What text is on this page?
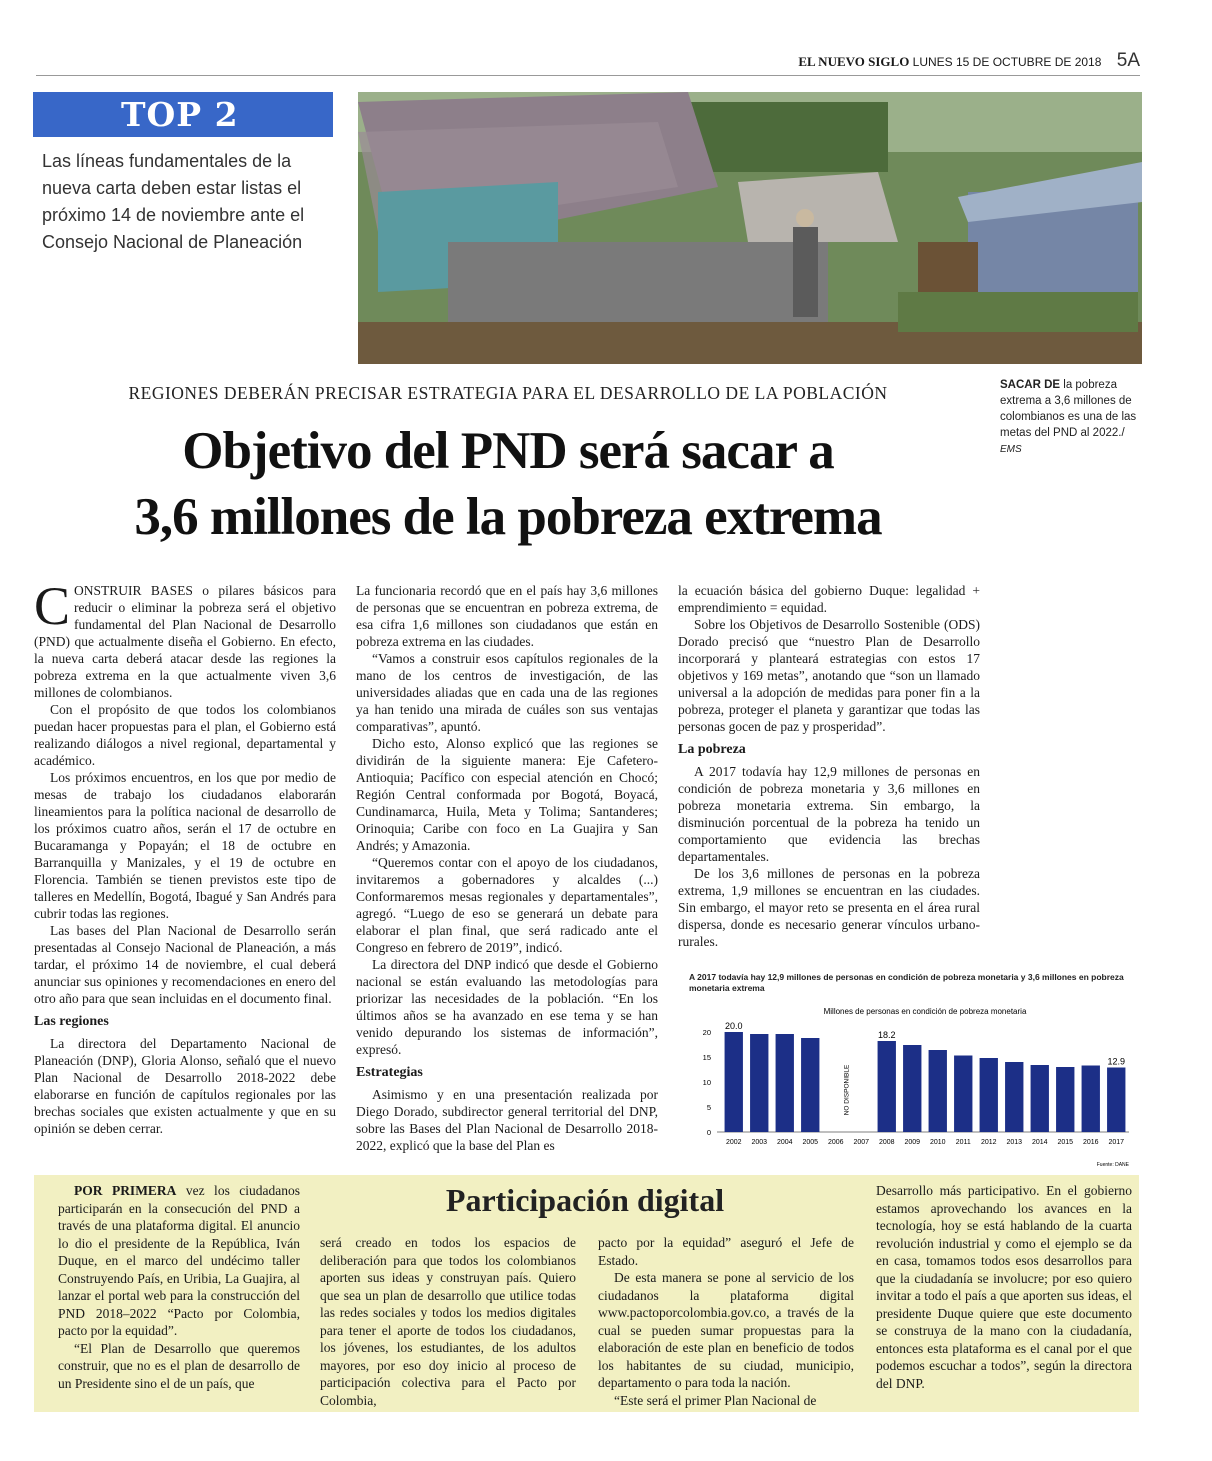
EL NUEVO SIGLO LUNES 15 DE OCTUBRE DE 2018 5A
TOP 2
Las líneas fundamentales de la nueva carta deben estar listas el próximo 14 de noviembre ante el Consejo Nacional de Planeación
SACAR DE la pobreza extrema a 3,6 millones de colombianos es una de las metas del PND al 2022./
EMS
REGIONES DEBERÁN PRECISAR ESTRATEGIA PARA EL DESARROLLO DE LA POBLACIÓN
Objetivo del PND será sacar a
3,6 millones de la pobreza extrema

CONSTRUIR BASES o pilares básicos para reducir o eliminar la pobreza será el objetivo fundamental del Plan Nacional de Desarrollo (PND) que actualmente diseña el Gobierno. En efecto, la nueva carta deberá atacar desde las regiones la pobreza extrema en la que actualmente viven 3,6 millones de colombianos.

Con el propósito de que todos los colombianos puedan hacer propuestas para el plan, el Gobierno está realizando diálogos a nivel regional, departamental y académico.

Los próximos encuentros, en los que por medio de mesas de trabajo los ciudadanos elaborarán lineamientos para la política nacional de desarrollo de los próximos cuatro años, serán el 17 de octubre en Bucaramanga y Popayán; el 18 de octubre en Barranquilla y Manizales, y el 19 de octubre en Florencia. También se tienen previstos este tipo de talleres en Medellín, Bogotá, Ibagué y San Andrés para cubrir todas las regiones.

Las bases del Plan Nacional de Desarrollo serán presentadas al Consejo Nacional de Planeación, a más tardar, el próximo 14 de noviembre, el cual deberá anunciar sus opiniones y recomendaciones en enero del otro año para que sean incluidas en el documento final.

Las regiones

La directora del Departamento Nacional de Planeación (DNP), Gloria Alonso, señaló que el nuevo Plan Nacional de Desarrollo 2018-2022 debe elaborarse en función de capítulos regionales por las brechas sociales que existen actualmente y que en su opinión se deben cerrar.

La funcionaria recordó que en el país hay 3,6 millones de personas que se encuentran en pobreza extrema, de esa cifra 1,6 millones son ciudadanos que están en pobreza extrema en las ciudades.

“Vamos a construir esos capítulos regionales de la mano de los centros de investigación, de las universidades aliadas que en cada una de las regiones ya han tenido una mirada de cuáles son sus ventajas comparativas”, apuntó.

Dicho esto, Alonso explicó que las regiones se dividirán de la siguiente manera: Eje Cafetero-Antioquia; Pacífico con especial atención en Chocó; Región Central conformada por Bogotá, Boyacá, Cundinamarca, Huila, Meta y Tolima; Santanderes; Orinoquia; Caribe con foco en La Guajira y San Andrés; y Amazonia.

“Queremos contar con el apoyo de los ciudadanos, invitaremos a gobernadores y alcaldes (...) Conformaremos mesas regionales y departamentales”, agregó. “Luego de eso se generará un debate para elaborar el plan final, que será radicado ante el Congreso en febrero de 2019”, indicó.

La directora del DNP indicó que desde el Gobierno nacional se están evaluando las metodologías para priorizar las necesidades de la población. “En los últimos años se ha avanzado en ese tema y se han venido depurando los sistemas de información”, expresó.

Estrategias

Asimismo y en una presentación realizada por Diego Dorado, subdirector general territorial del DNP, sobre las Bases del Plan Nacional de Desarrollo 2018-2022, explicó que la base del Plan es

la ecuación básica del gobierno Duque: legalidad + emprendimiento = equidad.

Sobre los Objetivos de Desarrollo Sostenible (ODS) Dorado precisó que “nuestro Plan de Desarrollo incorporará y planteará estrategias con estos 17 objetivos y 169 metas”, anotando que “son un llamado universal a la adopción de medidas para poner fin a la pobreza, proteger el planeta y garantizar que todas las personas gocen de paz y prosperidad”.

La pobreza

A 2017 todavía hay 12,9 millones de personas en condición de pobreza monetaria y 3,6 millones en pobreza monetaria extrema. Sin embargo, la disminución porcentual de la pobreza ha tenido un comportamiento que evidencia las brechas departamentales.

De los 3,6 millones de personas en la pobreza extrema, 1,9 millones se encuentran en las ciudades. Sin embargo, el mayor reto se presenta en el área rural dispersa, donde es necesario generar vínculos urbano-rurales.

A 2017 todavía hay 12,9 millones de personas en condición de pobreza monetaria y 3,6 millones en pobreza monetaria extrema
Millones de personas en condición de pobreza monetaria
0
5
10
15
20
20.0
2002 2003 2004 2005 2006 2007
18.2
2008 2009 2010 2011 2012 2013 2014 2015 2016
12.9
2017
NO DISPONIBLE
Fuente: DANE
Participación digital

POR PRIMERA vez los ciudadanos participarán en la consecución del PND a través de una plataforma digital. El anuncio lo dio el presidente de la República, Iván Duque, en el marco del undécimo taller Construyendo País, en Uribia, La Guajira, al lanzar el portal web para la construcción del PND 2018–2022 “Pacto por Colombia, pacto por la equidad”.

“El Plan de Desarrollo que queremos construir, que no es el plan de desarrollo de un Presidente sino el de un país, que

será creado en todos los espacios de deliberación para que todos los colombianos aporten sus ideas y construyan país. Quiero que sea un plan de desarrollo que utilice todas las redes sociales y todos los medios digitales para tener el aporte de todos los ciudadanos, los jóvenes, los estudiantes, de los adultos mayores, por eso doy inicio al proceso de participación colectiva para el Pacto por Colombia,

pacto por la equidad” aseguró el Jefe de Estado.

De esta manera se pone al servicio de los ciudadanos la plataforma digital www.pactoporcolombia.gov.co, a través de la cual se pueden sumar propuestas para la elaboración de este plan en beneficio de todos los habitantes de su ciudad, municipio, departamento o para toda la nación.

“Este será el primer Plan Nacional de

Desarrollo más participativo. En el gobierno estamos aprovechando los avances en la tecnología, hoy se está hablando de la cuarta revolución industrial y como el ejemplo se da en casa, tomamos todos esos desarrollos para que la ciudadanía se involucre; por eso quiero invitar a todo el país a que aporten sus ideas, el presidente Duque quiere que este documento se construya de la mano con la ciudadanía, entonces esta plataforma es el canal por el que podemos escuchar a todos”, según la directora del DNP.
